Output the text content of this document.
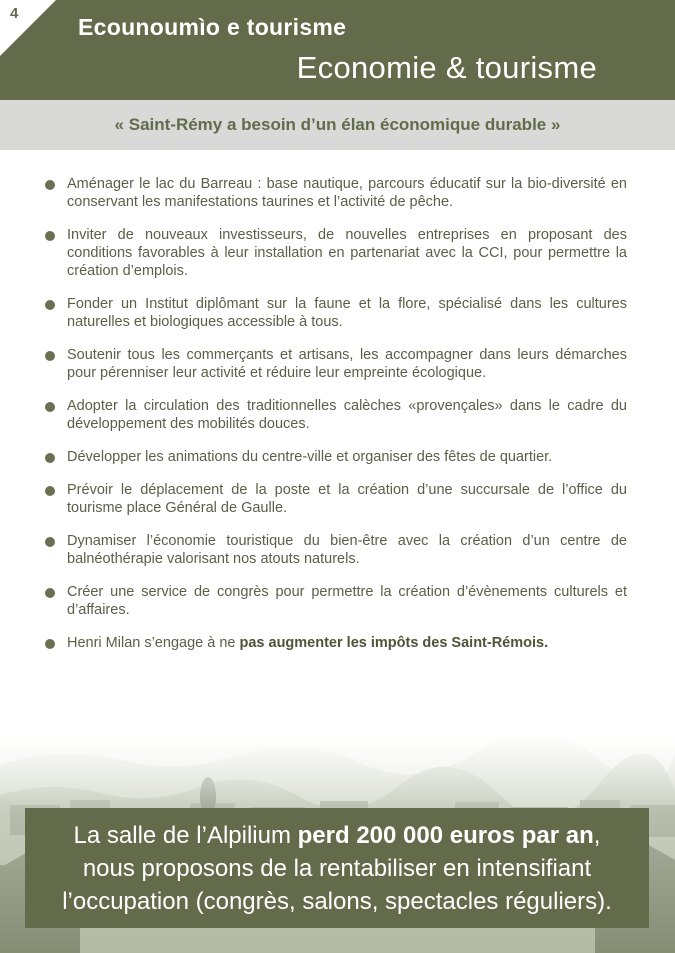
4
Ecounoumìo e tourisme
Economie & tourisme
« Saint-Rémy a besoin d’un élan économique durable »
Aménager le lac du Barreau : base nautique, parcours éducatif sur la bio-diversité en conservant les manifestations taurines et l’activité de pêche.
Inviter de nouveaux investisseurs, de nouvelles entreprises en proposant des conditions favorables à leur installation en partenariat avec la CCI, pour permettre la création d’emplois.
Fonder un Institut diplômant sur la faune et la flore, spécialisé dans les cultures naturelles et biologiques accessible à tous.
Soutenir tous les commerçants et artisans, les accompagner dans leurs démarches pour pérenniser leur activité et réduire leur empreinte écologique.
Adopter la circulation des traditionnelles calèches «provençales» dans le cadre du développement des mobilités douces.
Développer les animations du centre-ville et organiser des fêtes de quartier.
Prévoir le déplacement de la poste et la création d’une succursale de l’office du tourisme place Général de Gaulle.
Dynamiser l’économie touristique du bien-être avec la création d’un centre de balnéothérapie valorisant nos atouts naturels.
Créer une service de congrès pour permettre la création d’évènements culturels et d’affaires.
Henri Milan s’engage à ne pas augmenter les impôts des Saint-Rémois.
La salle de l’Alpilium perd 200 000 euros par an,
nous proposons de la rentabiliser en intensifiant
l’occupation (congrès, salons, spectacles réguliers).
